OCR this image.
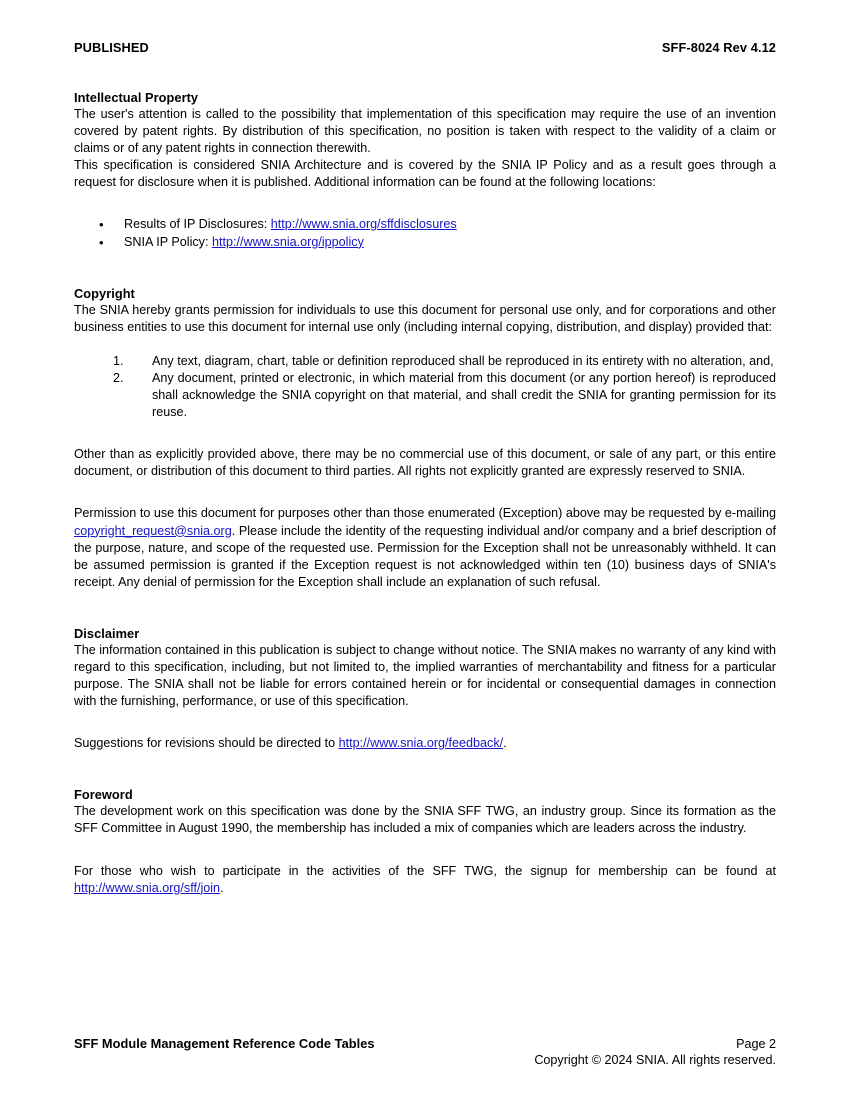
PUBLISHED	SFF-8024 Rev 4.12
Intellectual Property

The user's attention is called to the possibility that implementation of this specification may require the use of an invention covered by patent rights. By distribution of this specification, no position is taken with respect to the validity of a claim or claims or of any patent rights in connection therewith.

This specification is considered SNIA Architecture and is covered by the SNIA IP Policy and as a result goes through a request for disclosure when it is published. Additional information can be found at the following locations:

• Results of IP Disclosures: http://www.snia.org/sffdisclosures
• SNIA IP Policy: http://www.snia.org/ippolicy
Copyright

The SNIA hereby grants permission for individuals to use this document for personal use only, and for corporations and other business entities to use this document for internal use only (including internal copying, distribution, and display) provided that:

1. Any text, diagram, chart, table or definition reproduced shall be reproduced in its entirety with no alteration, and,
2. Any document, printed or electronic, in which material from this document (or any portion hereof) is reproduced shall acknowledge the SNIA copyright on that material, and shall credit the SNIA for granting permission for its reuse.

Other than as explicitly provided above, there may be no commercial use of this document, or sale of any part, or this entire document, or distribution of this document to third parties. All rights not explicitly granted are expressly reserved to SNIA.

Permission to use this document for purposes other than those enumerated (Exception) above may be requested by e-mailing copyright_request@snia.org. Please include the identity of the requesting individual and/or company and a brief description of the purpose, nature, and scope of the requested use. Permission for the Exception shall not be unreasonably withheld. It can be assumed permission is granted if the Exception request is not acknowledged within ten (10) business days of SNIA's receipt. Any denial of permission for the Exception shall include an explanation of such refusal.

Disclaimer

The information contained in this publication is subject to change without notice. The SNIA makes no warranty of any kind with regard to this specification, including, but not limited to, the implied warranties of merchantability and fitness for a particular purpose. The SNIA shall not be liable for errors contained herein or for incidental or consequential damages in connection with the furnishing, performance, or use of this specification.

Suggestions for revisions should be directed to http://www.snia.org/feedback/.

Foreword

The development work on this specification was done by the SNIA SFF TWG, an industry group. Since its formation as the SFF Committee in August 1990, the membership has included a mix of companies which are leaders across the industry.

For those who wish to participate in the activities of the SFF TWG, the signup for membership can be found at http://www.snia.org/sff/join.

SFF Module Management Reference Code Tables	Page 2
Copyright © 2024 SNIA. All rights reserved.
